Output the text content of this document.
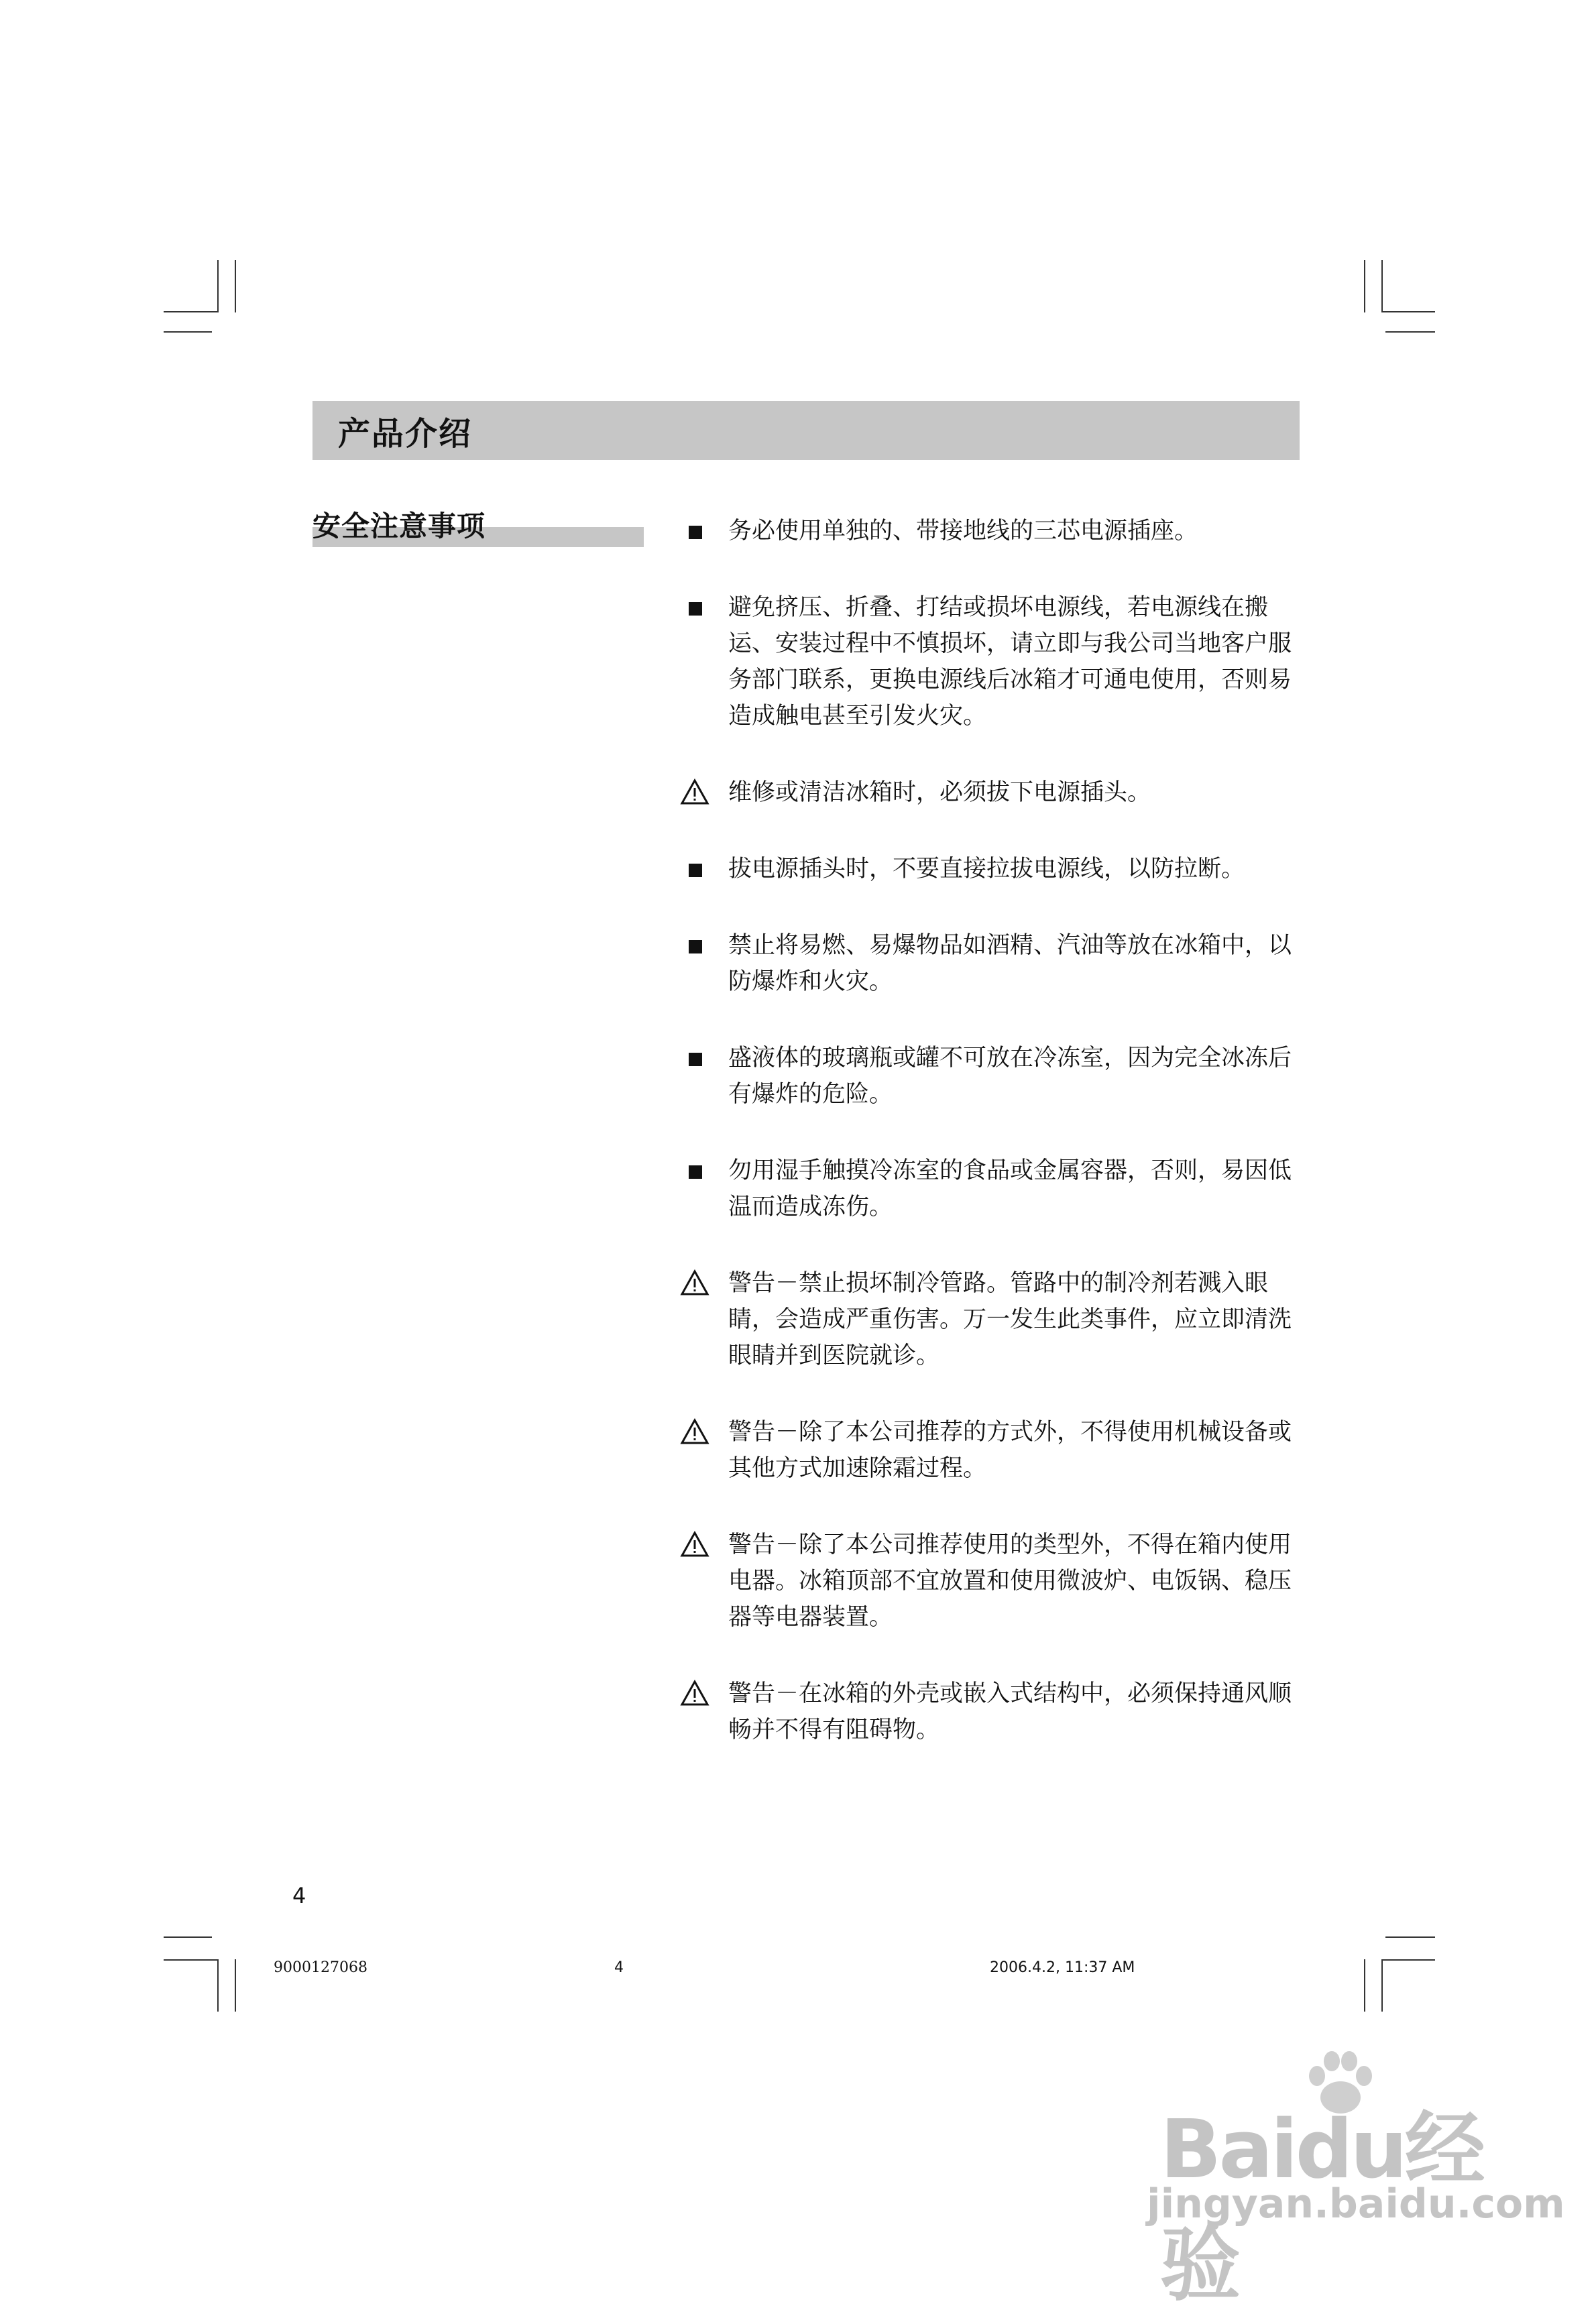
产品介绍
安全注意事项	务必使用单独的、带接地线的三芯电源插座。
避免挤压、折叠、打结或损坏电源线，若电源线在搬运、安装过程中不慎损坏，请立即与我公司当地客户服务部门联系，更换电源线后冰箱才可通电使用，否则易造成触电甚至引发火灾。
维修或清洁冰箱时，必须拔下电源插头。
拔电源插头时，不要直接拉拔电源线，以防拉断。
禁止将易燃、易爆物品如酒精、汽油等放在冰箱中，以防爆炸和火灾。
盛液体的玻璃瓶或罐不可放在冷冻室，因为完全冰冻后有爆炸的危险。
勿用湿手触摸冷冻室的食品或金属容器，否则，易因低温而造成冻伤。
警告－禁止损坏制冷管路。管路中的制冷剂若溅入眼睛，会造成严重伤害。万一发生此类事件，应立即清洗眼睛并到医院就诊。
警告－除了本公司推荐的方式外，不得使用机械设备或其他方式加速除霜过程。
警告－除了本公司推荐使用的类型外，不得在箱内使用电器。冰箱顶部不宜放置和使用微波炉、电饭锅、稳压器等电器装置。
警告－在冰箱的外壳或嵌入式结构中，必须保持通风顺畅并不得有阻碍物。
4
9000127068	4	2006.4.2, 11:37 AM
Baidu经验
jingyan.baidu.com
